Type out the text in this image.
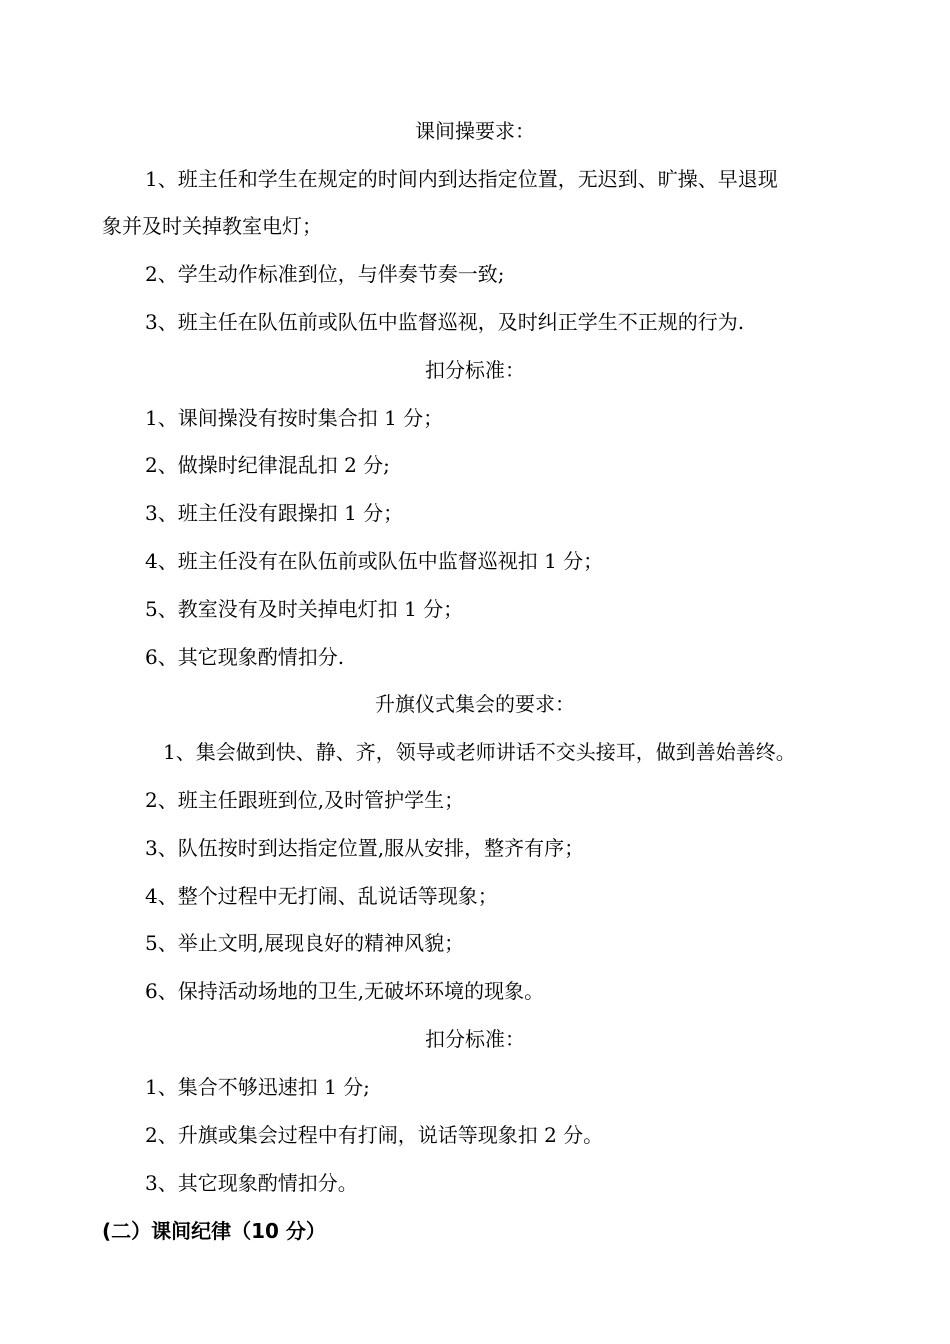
课间操要求：
1、班主任和学生在规定的时间内到达指定位置，无迟到、旷操、早退现
象并及时关掉教室电灯；
2、学生动作标准到位，与伴奏节奏一致;
3、班主任在队伍前或队伍中监督巡视，及时纠正学生不正规的行为.
扣分标准：
1、课间操没有按时集合扣 1 分；
2、做操时纪律混乱扣 2 分;
3、班主任没有跟操扣 1 分；
4、班主任没有在队伍前或队伍中监督巡视扣 1 分；
5、教室没有及时关掉电灯扣 1 分；
6、其它现象酌情扣分.
升旗仪式集会的要求：
1、集会做到快、静、齐，领导或老师讲话不交头接耳，做到善始善终。
2、班主任跟班到位,及时管护学生；
3、队伍按时到达指定位置,服从安排，整齐有序；
4、整个过程中无打闹、乱说话等现象；
5、举止文明,展现良好的精神风貌；
6、保持活动场地的卫生,无破坏环境的现象。
扣分标准：
1、集合不够迅速扣 1 分;
2、升旗或集会过程中有打闹，说话等现象扣 2 分。
3、其它现象酌情扣分。
(二）课间纪律（10 分）
